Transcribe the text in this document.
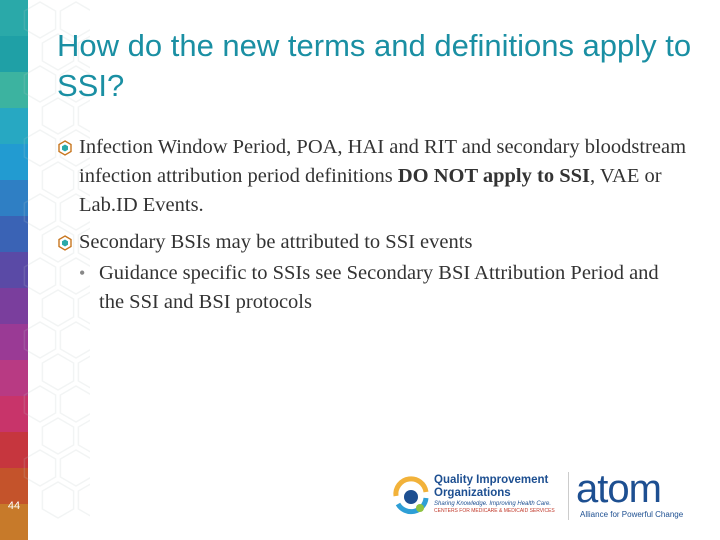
44
How do the new terms and definitions apply to SSI?
Infection Window Period, POA, HAI and RIT and secondary bloodstream infection attribution period definitions DO NOT apply to SSI, VAE or Lab.ID Events.
Secondary BSIs may be attributed to SSI events
• Guidance specific to SSIs see Secondary BSI Attribution Period and the SSI and BSI protocols
Quality Improvement
Organizations
Sharing Knowledge. Improving Health Care.
CENTERS FOR MEDICARE & MEDICAID SERVICES atom
Alliance for Powerful Change
